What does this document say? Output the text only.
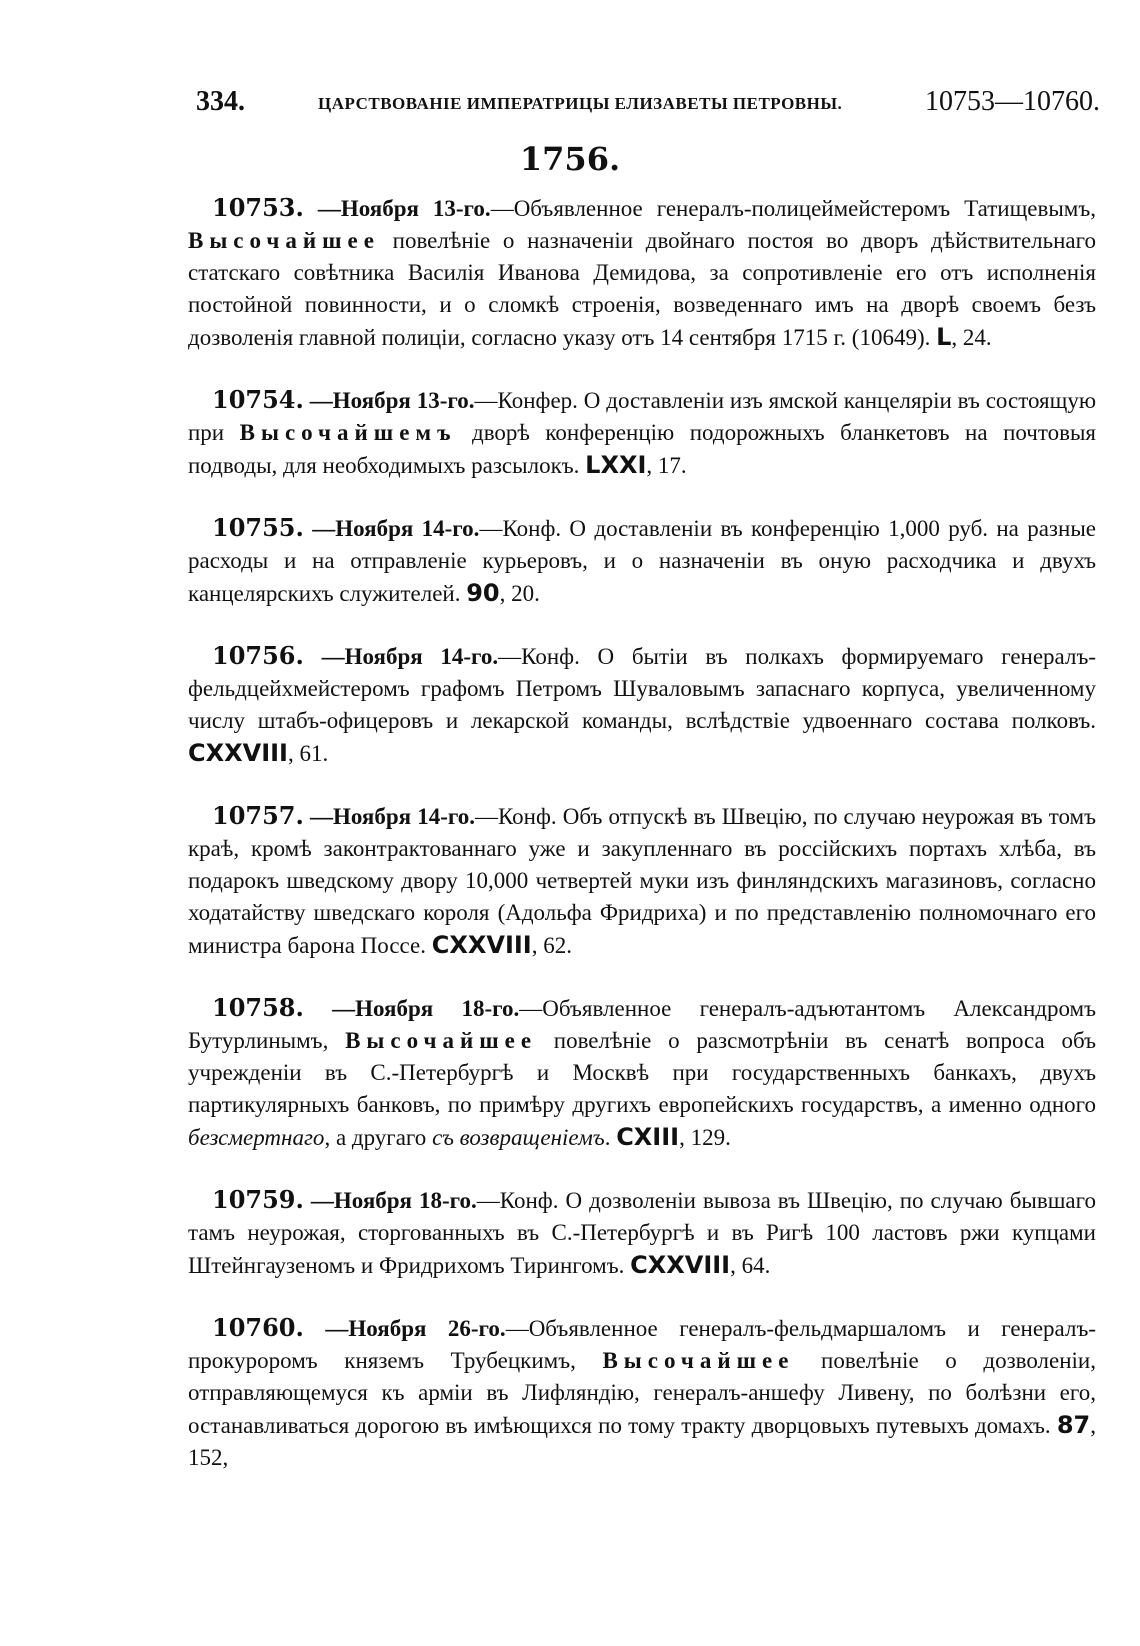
334.	ЦАРСТВОВАНІЕ ИМПЕРАТРИЦЫ ЕЛИЗАВЕТЫ ПЕТРОВНЫ.	10753—10760.
1756.

10753. —Ноября 13-го.—Объявленное генералъ-полицеймейстеромъ Татищевымъ, Высочайшее повелѣніе о назначеніи двойнаго постоя во дворъ дѣйствительнаго статскаго совѣтника Василія Иванова Демидова, за сопротивленіе его отъ исполненія постойной повинности, и о сломкѣ строенія, возведеннаго имъ на дворѣ своемъ безъ дозволенія главной полиціи, согласно указу отъ 14 сентября 1715 г. (10649). L, 24.

10754. —Ноября 13-го.—Конфер. О доставленіи изъ ямской канцеляріи въ состоящую при Высочайшемъ дворѣ конференцію подорожныхъ бланкетовъ на почтовыя подводы, для необходимыхъ разсылокъ. LXXI, 17.

10755. —Ноября 14-го.—Конф. О доставленіи въ конференцію 1,000 руб. на разные расходы и на отправленіе курьеровъ, и о назначеніи въ оную расходчика и двухъ канцелярскихъ служителей. 90, 20.

10756. —Ноября 14-го.—Конф. О бытіи въ полкахъ формируемаго генералъ-фельдцейхмейстеромъ графомъ Петромъ Шуваловымъ запаснаго корпуса, увеличенному числу штабъ-офицеровъ и лекарской команды, вслѣдствіе удвоеннаго состава полковъ. CXXVIII, 61.

10757. —Ноября 14-го.—Конф. Объ отпускѣ въ Швецію, по случаю неурожая въ томъ краѣ, кромѣ законтрактованнаго уже и закупленнаго въ россійскихъ портахъ хлѣба, въ подарокъ шведскому двору 10,000 четвертей муки изъ финляндскихъ магазиновъ, согласно ходатайству шведскаго короля (Адольфа Фридриха) и по представленію полномочнаго его министра барона Поссе. CXXVIII, 62.

10758. —Ноября 18-го.—Объявленное генералъ-адъютантомъ Александромъ Бутурлинымъ, Высочайшее повелѣніе о разсмотрѣніи въ сенатѣ вопроса объ учрежденіи въ С.-Петербургѣ и Москвѣ при государственныхъ банкахъ, двухъ партикулярныхъ банковъ, по примѣру другихъ европейскихъ государствъ, а именно одного безсмертнаго, а другаго съ возвращеніемъ. CXIII, 129.

10759. —Ноября 18-го.—Конф. О дозволеніи вывоза въ Швецію, по случаю бывшаго тамъ неурожая, сторгованныхъ въ С.-Петербургѣ и въ Ригѣ 100 ластовъ ржи купцами Штейнгаузеномъ и Фридрихомъ Тирингомъ. CXXVIII, 64.

10760. —Ноября 26-го.—Объявленное генералъ-фельдмаршаломъ и генералъ-прокуроромъ княземъ Трубецкимъ, Высочайшее повелѣніе о дозволеніи, отправляющемуся къ арміи въ Лифляндію, генералъ-аншефу Ливену, по болѣзни его, останавливаться дорогою въ имѣющихся по тому тракту дворцовыхъ путевыхъ домахъ. 87, 152,
